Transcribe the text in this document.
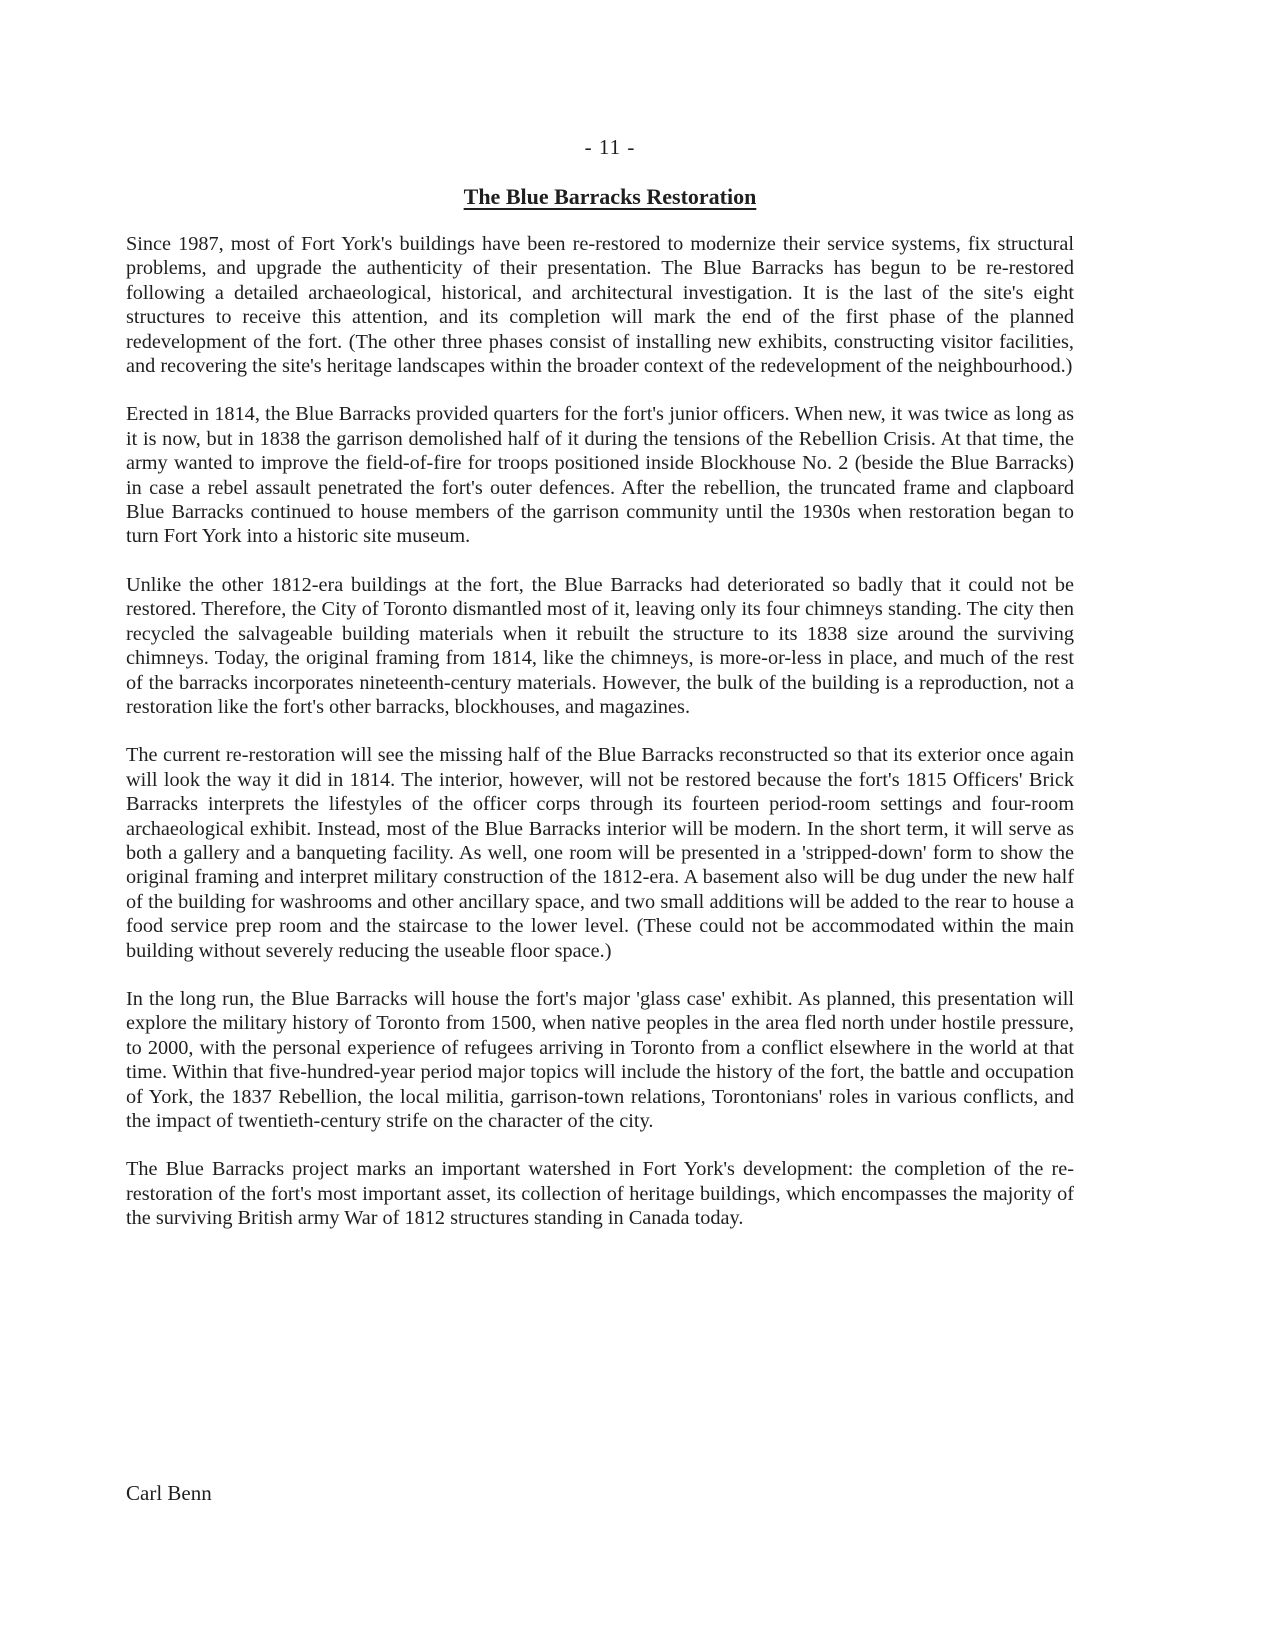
- 11 -
The Blue Barracks Restoration

Since 1987, most of Fort York's buildings have been re-restored to modernize their service systems, fix structural problems, and upgrade the authenticity of their presentation. The Blue Barracks has begun to be re-restored following a detailed archaeological, historical, and architectural investigation. It is the last of the site's eight structures to receive this attention, and its completion will mark the end of the first phase of the planned redevelopment of the fort. (The other three phases consist of installing new exhibits, constructing visitor facilities, and recovering the site's heritage landscapes within the broader context of the redevelopment of the neighbourhood.)

Erected in 1814, the Blue Barracks provided quarters for the fort's junior officers. When new, it was twice as long as it is now, but in 1838 the garrison demolished half of it during the tensions of the Rebellion Crisis. At that time, the army wanted to improve the field-of-fire for troops positioned inside Blockhouse No. 2 (beside the Blue Barracks) in case a rebel assault penetrated the fort's outer defences. After the rebellion, the truncated frame and clapboard Blue Barracks continued to house members of the garrison community until the 1930s when restoration began to turn Fort York into a historic site museum.

Unlike the other 1812-era buildings at the fort, the Blue Barracks had deteriorated so badly that it could not be restored. Therefore, the City of Toronto dismantled most of it, leaving only its four chimneys standing. The city then recycled the salvageable building materials when it rebuilt the structure to its 1838 size around the surviving chimneys. Today, the original framing from 1814, like the chimneys, is more-or-less in place, and much of the rest of the barracks incorporates nineteenth-century materials. However, the bulk of the building is a reproduction, not a restoration like the fort's other barracks, blockhouses, and magazines.

The current re-restoration will see the missing half of the Blue Barracks reconstructed so that its exterior once again will look the way it did in 1814. The interior, however, will not be restored because the fort's 1815 Officers' Brick Barracks interprets the lifestyles of the officer corps through its fourteen period-room settings and four-room archaeological exhibit. Instead, most of the Blue Barracks interior will be modern. In the short term, it will serve as both a gallery and a banqueting facility. As well, one room will be presented in a 'stripped-down' form to show the original framing and interpret military construction of the 1812-era. A basement also will be dug under the new half of the building for washrooms and other ancillary space, and two small additions will be added to the rear to house a food service prep room and the staircase to the lower level. (These could not be accommodated within the main building without severely reducing the useable floor space.)

In the long run, the Blue Barracks will house the fort's major 'glass case' exhibit. As planned, this presentation will explore the military history of Toronto from 1500, when native peoples in the area fled north under hostile pressure, to 2000, with the personal experience of refugees arriving in Toronto from a conflict elsewhere in the world at that time. Within that five-hundred-year period major topics will include the history of the fort, the battle and occupation of York, the 1837 Rebellion, the local militia, garrison-town relations, Torontonians' roles in various conflicts, and the impact of twentieth-century strife on the character of the city.

The Blue Barracks project marks an important watershed in Fort York's development: the completion of the re-restoration of the fort's most important asset, its collection of heritage buildings, which encompasses the majority of the surviving British army War of 1812 structures standing in Canada today.

Carl Benn
